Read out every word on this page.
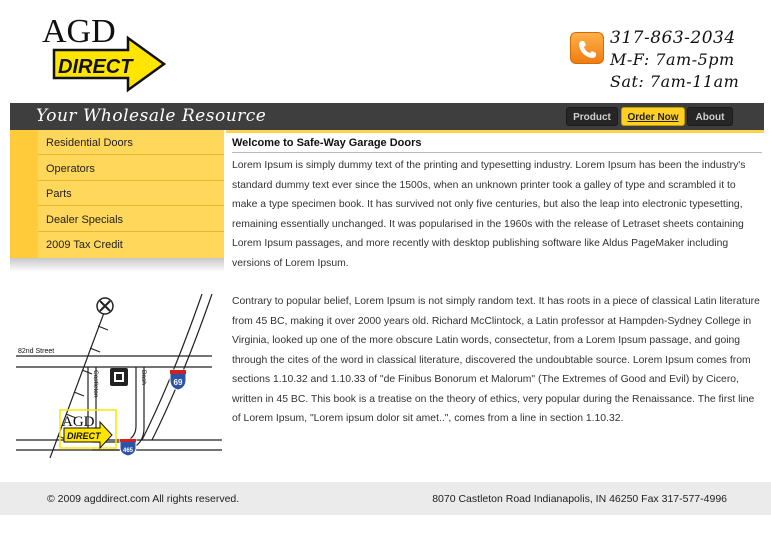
AGD
DIRECT
317-863-2034
M-F: 7am-5pm
Sat: 7am-11am
Your Wholesale Resource	Product	Order Now	About
Residential Doors
Operators
Parts
Dealer Specials
2009 Tax Credit
82nd Street
Castleton	Bash	69
465
AGD
DIRECT
Welcome to Safe-Way Garage Doors

Lorem Ipsum is simply dummy text of the printing and typesetting industry. Lorem Ipsum has been the industry's standard dummy text ever since the 1500s, when an unknown printer took a galley of type and scrambled it to make a type specimen book. It has survived not only five centuries, but also the leap into electronic typesetting, remaining essentially unchanged. It was popularised in the 1960s with the release of Letraset sheets containing Lorem Ipsum passages, and more recently with desktop publishing software like Aldus PageMaker including versions of Lorem Ipsum.

Contrary to popular belief, Lorem Ipsum is not simply random text. It has roots in a piece of classical Latin literature from 45 BC, making it over 2000 years old. Richard McClintock, a Latin professor at Hampden-Sydney College in Virginia, looked up one of the more obscure Latin words, consectetur, from a Lorem Ipsum passage, and going through the cites of the word in classical literature, discovered the undoubtable source. Lorem Ipsum comes from sections 1.10.32 and 1.10.33 of "de Finibus Bonorum et Malorum" (The Extremes of Good and Evil) by Cicero, written in 45 BC. This book is a treatise on the theory of ethics, very popular during the Renaissance. The first line of Lorem Ipsum, "Lorem ipsum dolor sit amet..", comes from a line in section 1.10.32.

© 2009 agddirect.com All rights reserved.	8070 Castleton Road Indianapolis, IN 46250 Fax 317-577-4996
